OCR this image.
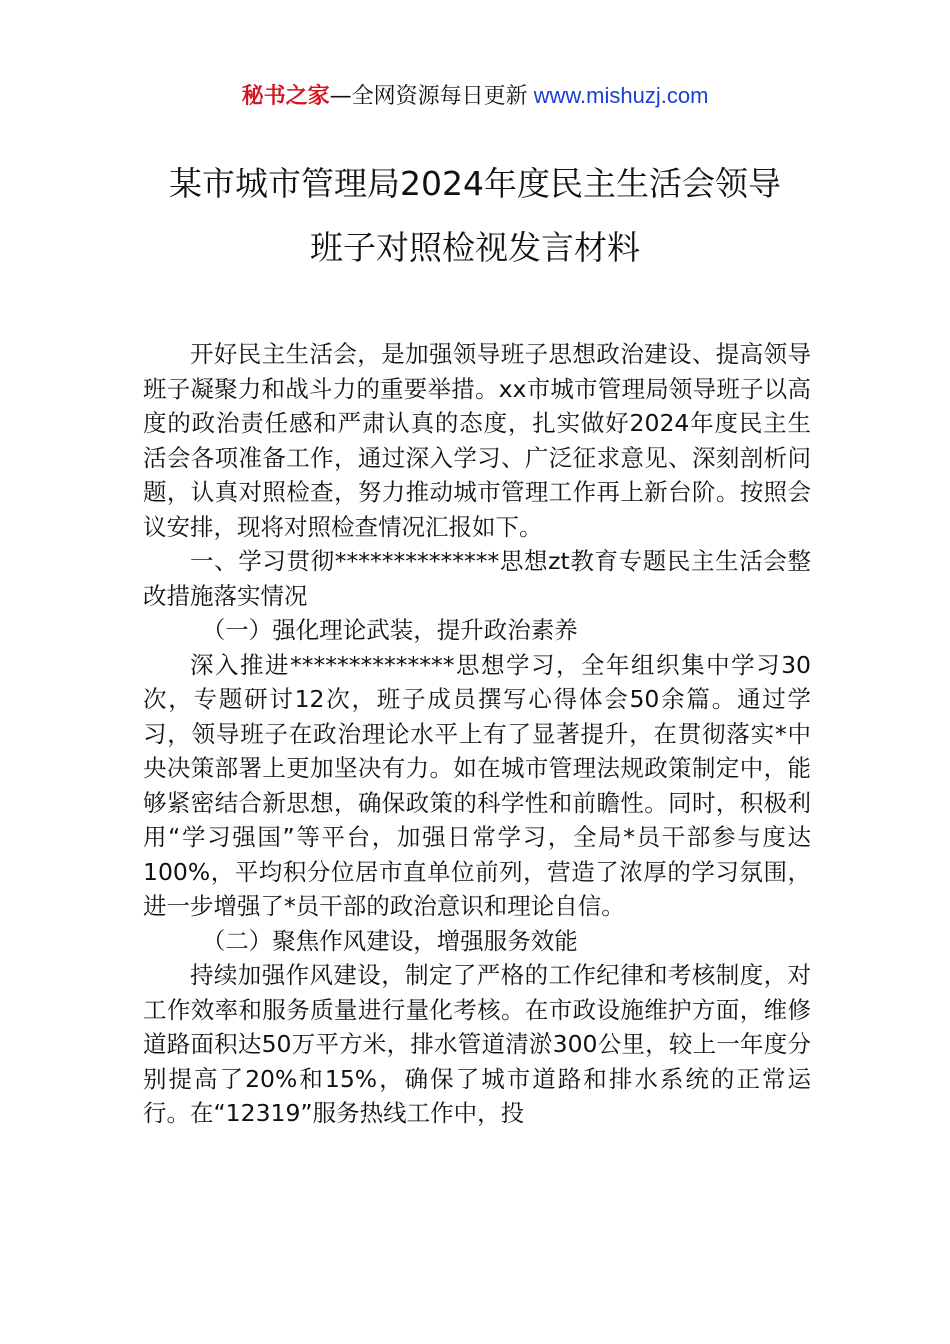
秘书之家—全网资源每日更新 www.mishuzj.com
某市城市管理局2024年度民主生活会领导
班子对照检视发言材料

开好民主生活会，是加强领导班子思想政治建设、提高领导班子凝聚力和战斗力的重要举措。xx市城市管理局领导班子以高度的政治责任感和严肃认真的态度，扎实做好2024年度民主生活会各项准备工作，通过深入学习、广泛征求意见、深刻剖析问题，认真对照检查，努力推动城市管理工作再上新台阶。按照会议安排，现将对照检查情况汇报如下。

一、学习贯彻**************思想zt教育专题民主生活会整改措施落实情况

（一）强化理论武装，提升政治素养

深入推进**************思想学习，全年组织集中学习30次，专题研讨12次，班子成员撰写心得体会50余篇。通过学习，领导班子在政治理论水平上有了显著提升，在贯彻落实*中央决策部署上更加坚决有力。如在城市管理法规政策制定中，能够紧密结合新思想，确保政策的科学性和前瞻性。同时，积极利用“学习强国”等平台，加强日常学习，全局*员干部参与度达100%，平均积分位居市直单位前列，营造了浓厚的学习氛围，进一步增强了*员干部的政治意识和理论自信。

（二）聚焦作风建设，增强服务效能

持续加强作风建设，制定了严格的工作纪律和考核制度，对工作效率和服务质量进行量化考核。在市政设施维护方面，维修道路面积达50万平方米，排水管道清淤300公里，较上一年度分别提高了20%和15%，确保了城市道路和排水系统的正常运行。在“12319”服务热线工作中，投
